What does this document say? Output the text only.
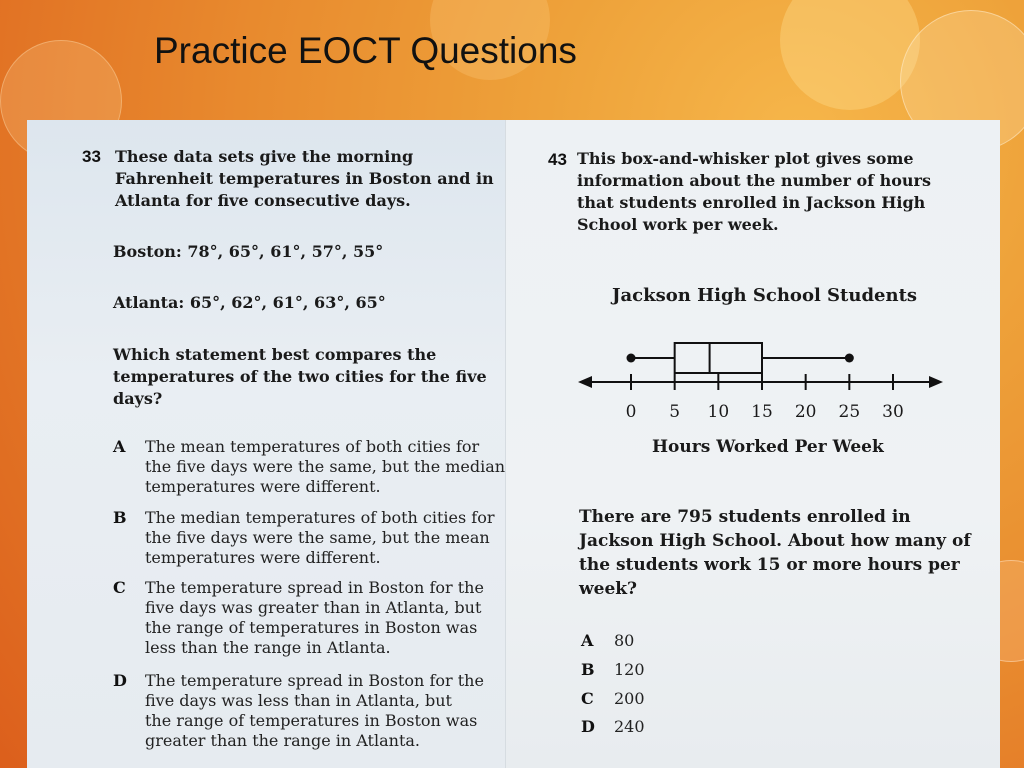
Practice EOCT Questions
33 These data sets give the morning
Fahrenheit temperatures in Boston and in
Atlanta for five consecutive days.
Boston: 78°, 65°, 61°, 57°, 55°
Atlanta: 65°, 62°, 61°, 63°, 65°
Which statement best compares the
temperatures of the two cities for the five
days?
A The mean temperatures of both cities for
the five days were the same, but the median
temperatures were different.
B The median temperatures of both cities for
the five days were the same, but the mean
temperatures were different.
C The temperature spread in Boston for the
five days was greater than in Atlanta, but
the range of temperatures in Boston was
less than the range in Atlanta.
D The temperature spread in Boston for the
five days was less than in Atlanta, but
the range of temperatures in Boston was
greater than the range in Atlanta.
43 This box-and-whisker plot gives some
information about the number of hours
that students enrolled in Jackson High
School work per week.
Jackson High School Students
0 5 10 15 20 25 30
Hours Worked Per Week
There are 795 students enrolled in
Jackson High School. About how many of
the students work 15 or more hours per
week?
A 80
B 120
C 200
D 240
